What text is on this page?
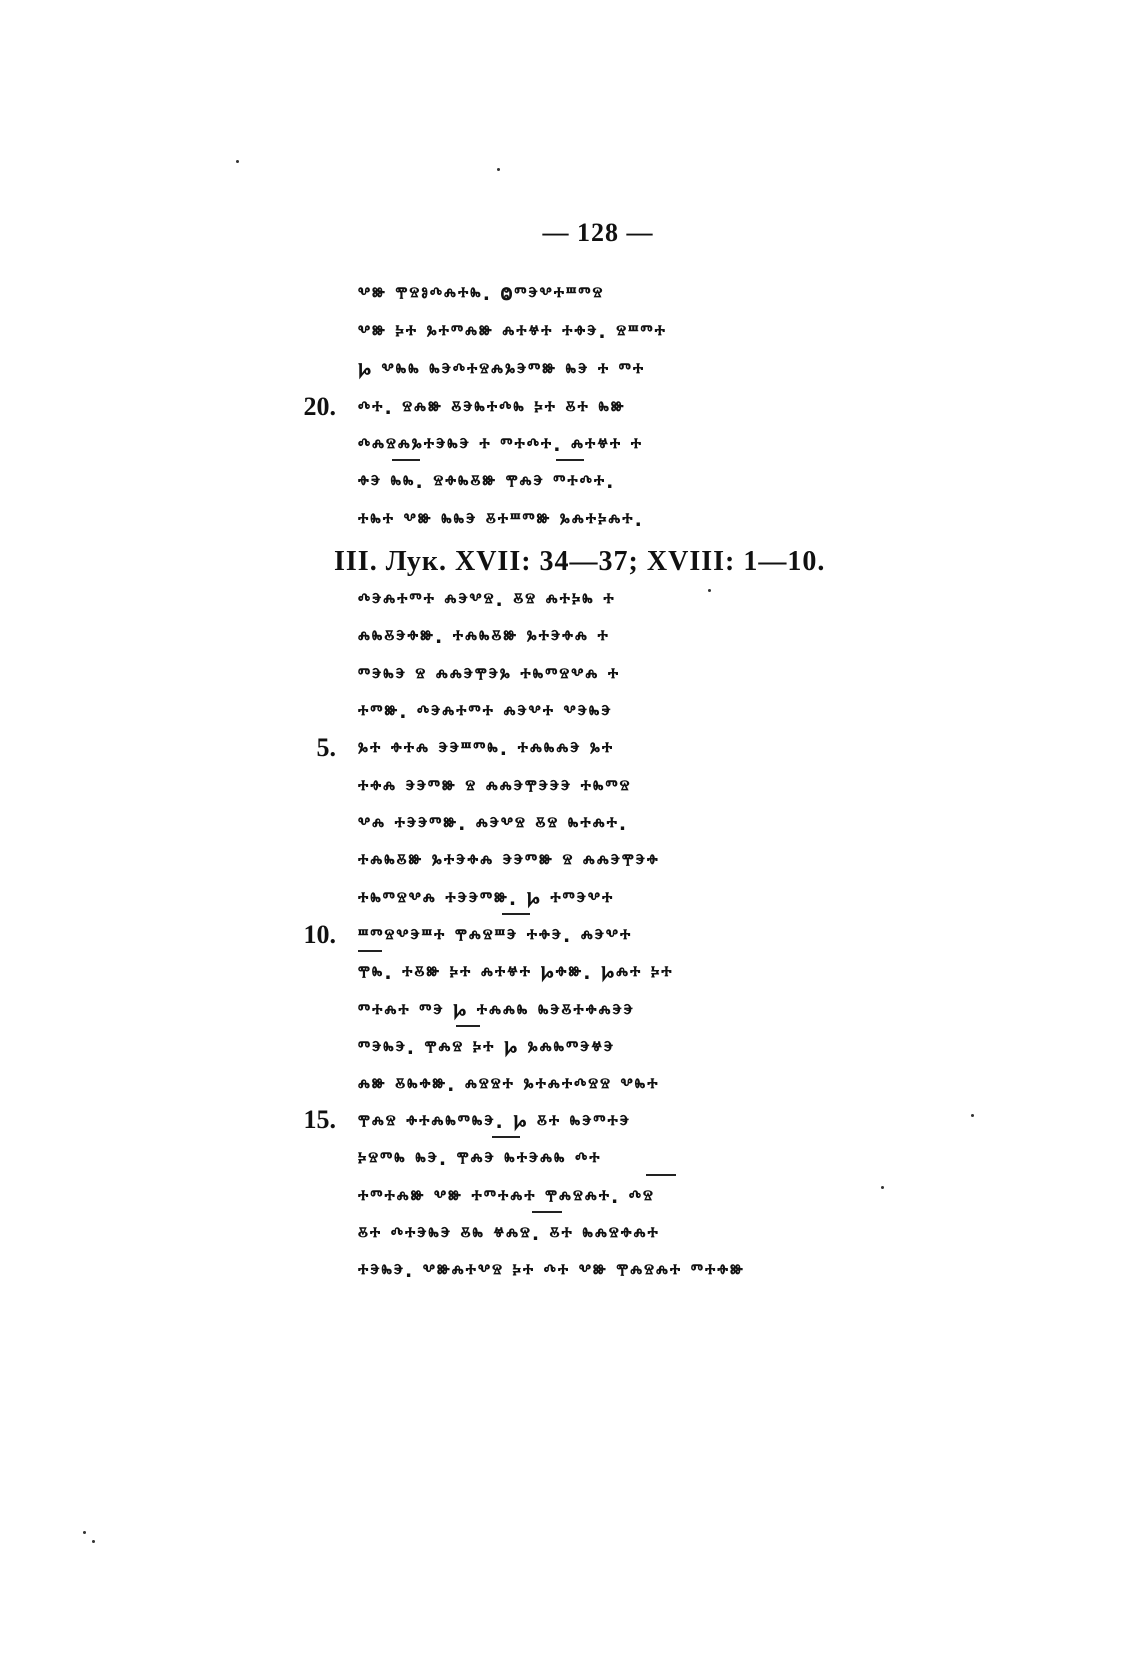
— 128 —
20.
5.
10.
15.
III. Лук. XVII: 34—37; XVIII: 1—10.
ⰲⱆ ⰹⱄⱁⰴⰾⰰⰸ. Ⱉⱅⰵⰲⰰⱎⱅⱄ
ⰲⱆ ⰽⰰ ⰳⰰⱅⰾⱆ ⰾⰰⱍⰰ ⰰⱚⰵ. ⱄⱎⱅⰰ
Ⱈ ⰲⰸⰸ ⰸⰵⰴⰰⱄⰾⰳⰵⱅⱆ ⰸⰵ ⰰ ⱅⰰ
ⰴⰰ. ⱄⰾⱆ ⰻⰵⰸⰰⰴⰸ ⰽⰰ ⰻⰰ ⰸⱆ
ⰴⰾⱄⰾⰳⰰⰵⰸⰵ ⰰ ⱅⰰⰴⰰ. ⰾⰰⱍⰰ ⰰ
ⱚⰵ ⰸⰸ. ⱄⱚⰸⰻⱆ ⰹⰾⰵ ⱅⰰⰴⰰ.
ⰰⰸⰰ ⰲⱆ ⰸⰸⰵ ⰻⰰⱎⱅⱆ ⰳⰾⰰⰽⰾⰰ.
ⰴⰵⰾⰰⱅⰰ ⰾⰵⰲⱄ. ⰻⱄ ⰾⰰⰽⰸ ⰰ
ⰾⰸⰻⰵⱚⱆ. ⰰⰾⰸⰻⱆ ⰳⰰⰵⱚⰾ ⰰ
ⱅⰵⰸⰵ ⱄ ⰾⰾⰵⰹⰵⰳ ⰰⰸⱅⱄⰲⰾ ⰰ
ⰰⱅⱆ. ⰴⰵⰾⰰⱅⰰ ⰾⰵⰲⰰ ⰲⰵⰸⰵ
ⰳⰰ ⱚⰰⰾ ⰵⰵⱎⱅⰸ. ⰰⰾⰸⰾⰵ ⰳⰰ
ⰰⱚⰾ ⰵⰵⱅⱆ ⱄ ⰾⰾⰵⰹⰵⰵⰵ ⰰⰸⱅⱄ
ⰲⰾ ⰰⰵⰵⱅⱆ. ⰾⰵⰲⱄ ⰻⱄ ⰸⰰⰾⰰ.
ⰰⰾⰸⰻⱆ ⰳⰰⰵⱚⰾ ⰵⰵⱅⱆ ⱄ ⰾⰾⰵⰹⰵⱚ
ⰰⰸⱅⱄⰲⰾ ⰰⰵⰵⱅⱆ. Ⱈ ⰰⱅⰵⰲⰰ
ⱎⱅⱄⰲⰵⱎⰰ ⰹⰾⱄⱎⰵ ⰰⱚⰵ. ⰾⰵⰲⰰ
ⰹⰸ. ⰰⰻⱆ ⰽⰰ ⰾⰰⱍⰰ Ⱈⱚⱆ. Ⱈⰾⰰ ⰽⰰ
ⱅⰰⰾⰰ ⱅⰵ Ⱈ ⰰⰾⰾⰸ ⰸⰵⰻⰰⱚⰾⰵⰵ
ⱅⰵⰸⰵ. ⰹⰾⱄ ⰽⰰ Ⱈ ⰳⰾⰸⱅⰵⱍⰵ
ⰾⱆ ⰻⰸⱚⱆ. ⰾⱄⱄⰰ ⰳⰰⰾⰰⰴⱄⱄ ⰲⰸⰰ
ⰹⰾⱄ ⱚⰰⰾⰸⱅⰸⰵ. Ⱈ ⰻⰰ ⰸⰵⱅⰰⰵ
ⰽⱄⱅⰸ ⰸⰵ. ⰹⰾⰵ ⰸⰰⰵⰾⰸ ⰴⰰ
ⰰⱅⰰⰾⱆ ⰲⱆ ⰰⱅⰰⰾⰰ ⰹⰾⱄⰾⰰ. ⰴⱄ
ⰻⰰ ⰴⰰⰵⰸⰵ ⰻⰸ ⱍⰾⱄ. ⰻⰰ ⰸⰾⱄⱚⰾⰰ
ⰰⰵⰸⰵ. ⰲⱆⰾⰰⰲⱄ ⰽⰰ ⰴⰰ ⰲⱆ ⰹⰾⱄⰾⰰ ⱅⰰⱚⱆ
